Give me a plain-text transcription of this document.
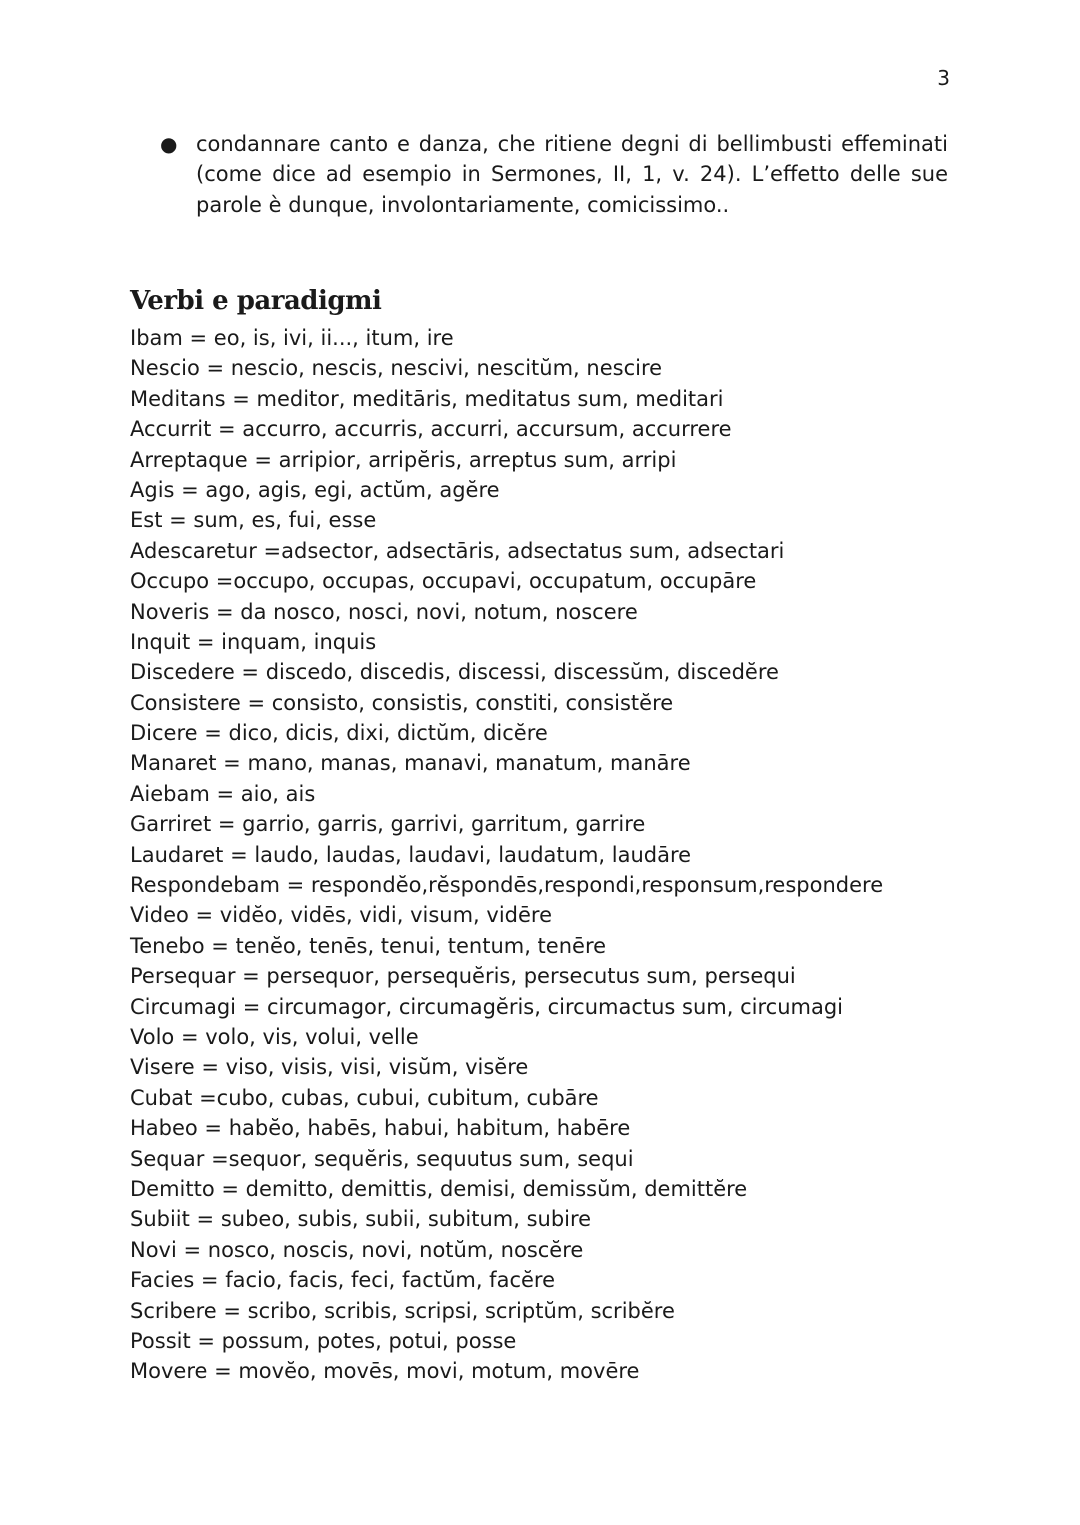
3
● condannare canto e danza, che ritiene degni di bellimbusti effeminati (come dice ad esempio in Sermones, II, 1, v. 24). L’effetto delle sue parole è dunque, involontariamente, comicissimo..
Verbi e paradigmi
Ibam = eo, is, ivi, ii..., itum, ire
Nescio = nescio, nescis, nescivi, nescitŭm, nescire
Meditans = meditor, meditāris, meditatus sum, meditari
Accurrit = accurro, accurris, accurri, accursum, accurrere
Arreptaque = arripior, arripĕris, arreptus sum, arripi
Agis = ago, agis, egi, actŭm, agĕre
Est = sum, es, fui, esse
Adescaretur =adsector, adsectāris, adsectatus sum, adsectari
Occupo =occupo, occupas, occupavi, occupatum, occupāre
Noveris = da nosco, nosci, novi, notum, noscere
Inquit = inquam, inquis
Discedere = discedo, discedis, discessi, discessŭm, discedĕre
Consistere = consisto, consistis, constiti, consistĕre
Dicere = dico, dicis, dixi, dictŭm, dicĕre
Manaret = mano, manas, manavi, manatum, manāre
Aiebam = aio, ais
Garriret = garrio, garris, garrivi, garritum, garrire
Laudaret = laudo, laudas, laudavi, laudatum, laudāre
Respondebam = respondĕo,rĕspondēs,respondi,responsum,respondere
Video = vidĕo, vidēs, vidi, visum, vidēre
Tenebo = tenĕo, tenēs, tenui, tentum, tenēre
Persequar = persequor, persequĕris, persecutus sum, persequi
Circumagi = circumagor, circumagĕris, circumactus sum, circumagi
Volo = volo, vis, volui, velle
Visere = viso, visis, visi, visŭm, visĕre
Cubat =cubo, cubas, cubui, cubitum, cubāre
Habeo = habĕo, habēs, habui, habitum, habēre
Sequar =sequor, sequĕris, sequutus sum, sequi
Demitto = demitto, demittis, demisi, demissŭm, demittĕre
Subiit = subeo, subis, subii, subitum, subire
Novi = nosco, noscis, novi, notŭm, noscĕre
Facies = facio, facis, feci, factŭm, facĕre
Scribere = scribo, scribis, scripsi, scriptŭm, scribĕre
Possit = possum, potes, potui, posse
Movere = movĕo, movēs, movi, motum, movēre
